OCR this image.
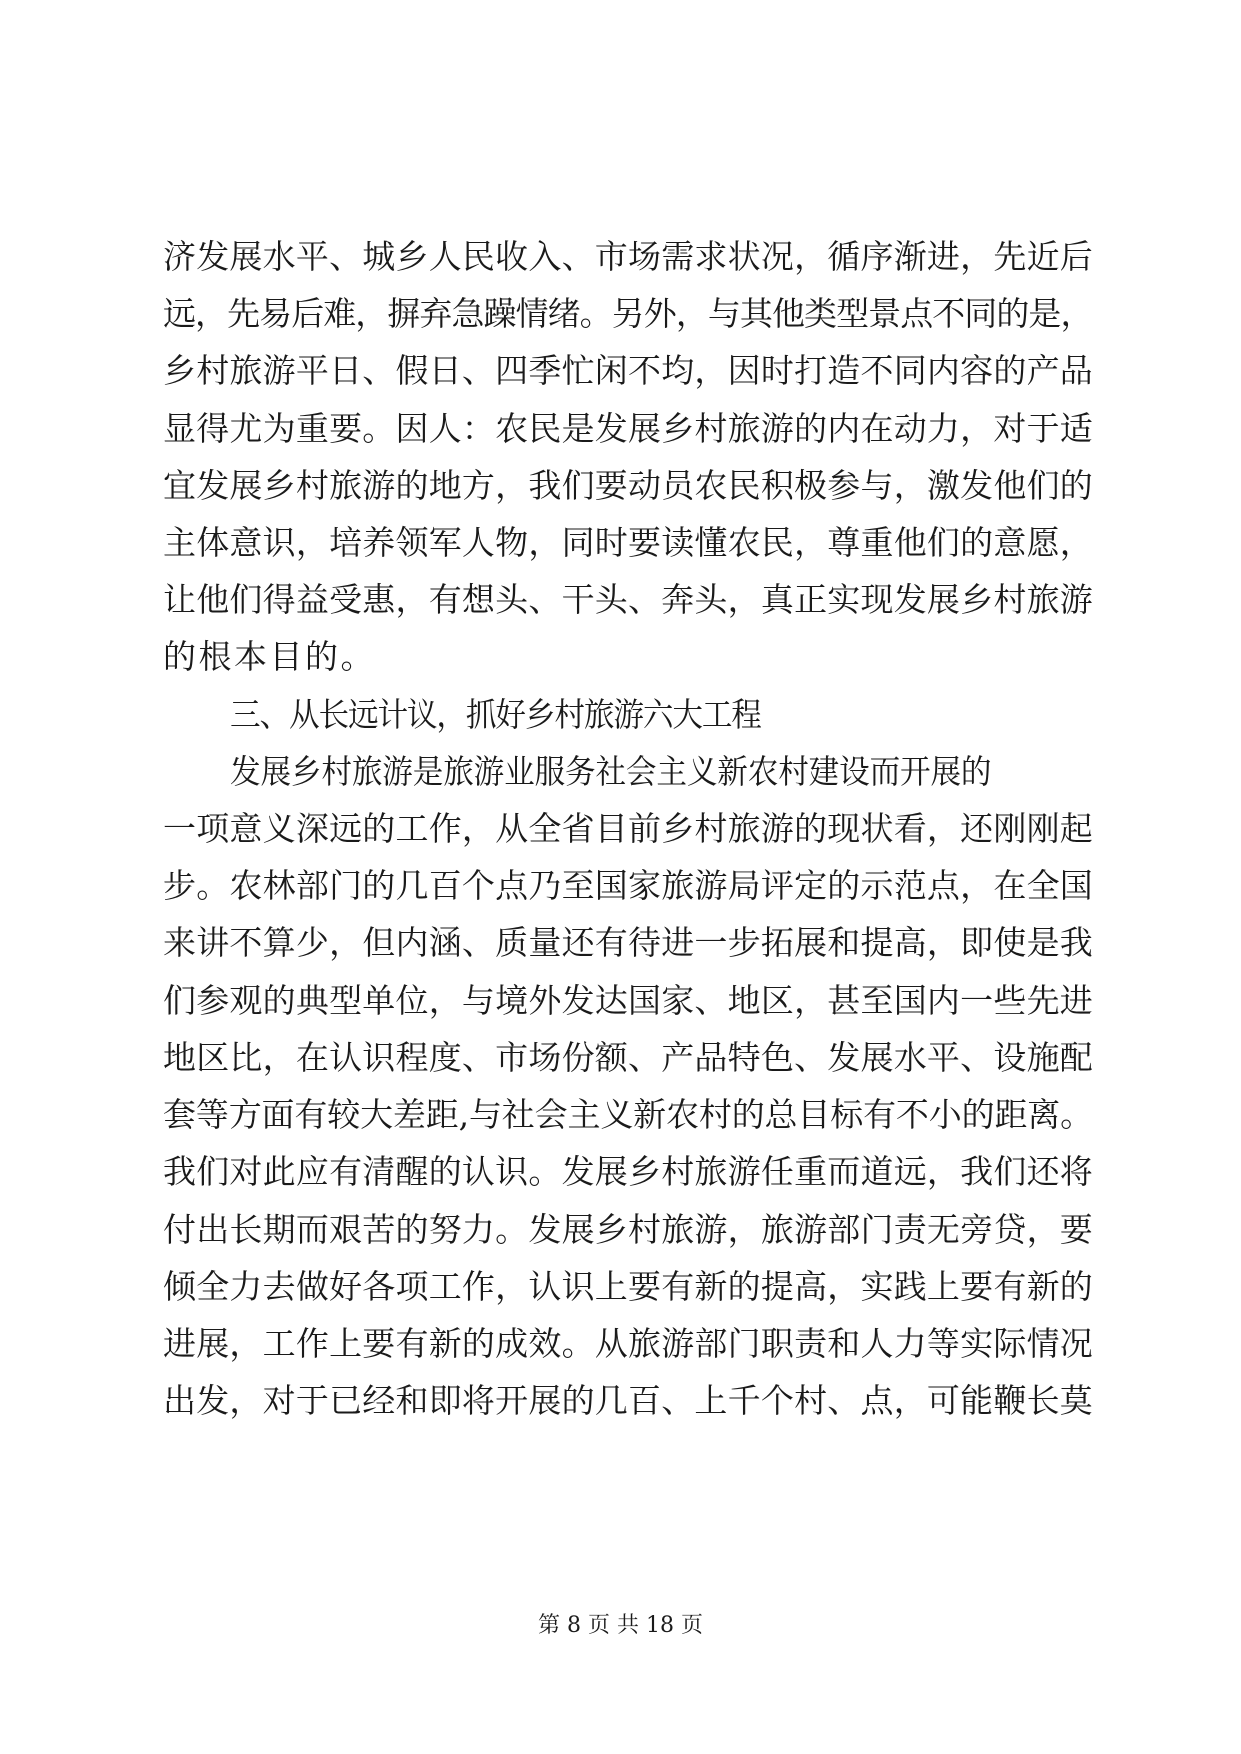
济发展水平、城乡人民收入、市场需求状况，循序渐进，先近后
远，先易后难，摒弃急躁情绪。另外，与其他类型景点不同的是，
乡村旅游平日、假日、四季忙闲不均，因时打造不同内容的产品
显得尤为重要。因人：农民是发展乡村旅游的内在动力，对于适
宜发展乡村旅游的地方，我们要动员农民积极参与，激发他们的
主体意识，培养领军人物，同时要读懂农民，尊重他们的意愿，
让他们得益受惠，有想头、干头、奔头，真正实现发展乡村旅游
的根本目的。
三、从长远计议，抓好乡村旅游六大工程
发展乡村旅游是旅游业服务社会主义新农村建设而开展的
一项意义深远的工作，从全省目前乡村旅游的现状看，还刚刚起
步。农林部门的几百个点乃至国家旅游局评定的示范点，在全国
来讲不算少，但内涵、质量还有待进一步拓展和提高，即使是我
们参观的典型单位，与境外发达国家、地区，甚至国内一些先进
地区比，在认识程度、市场份额、产品特色、发展水平、设施配
套等方面有较大差距,与社会主义新农村的总目标有不小的距离。
我们对此应有清醒的认识。发展乡村旅游任重而道远，我们还将
付出长期而艰苦的努力。发展乡村旅游，旅游部门责无旁贷，要
倾全力去做好各项工作，认识上要有新的提高，实践上要有新的
进展，工作上要有新的成效。从旅游部门职责和人力等实际情况
出发，对于已经和即将开展的几百、上千个村、点，可能鞭长莫
第 8 页 共 18 页
